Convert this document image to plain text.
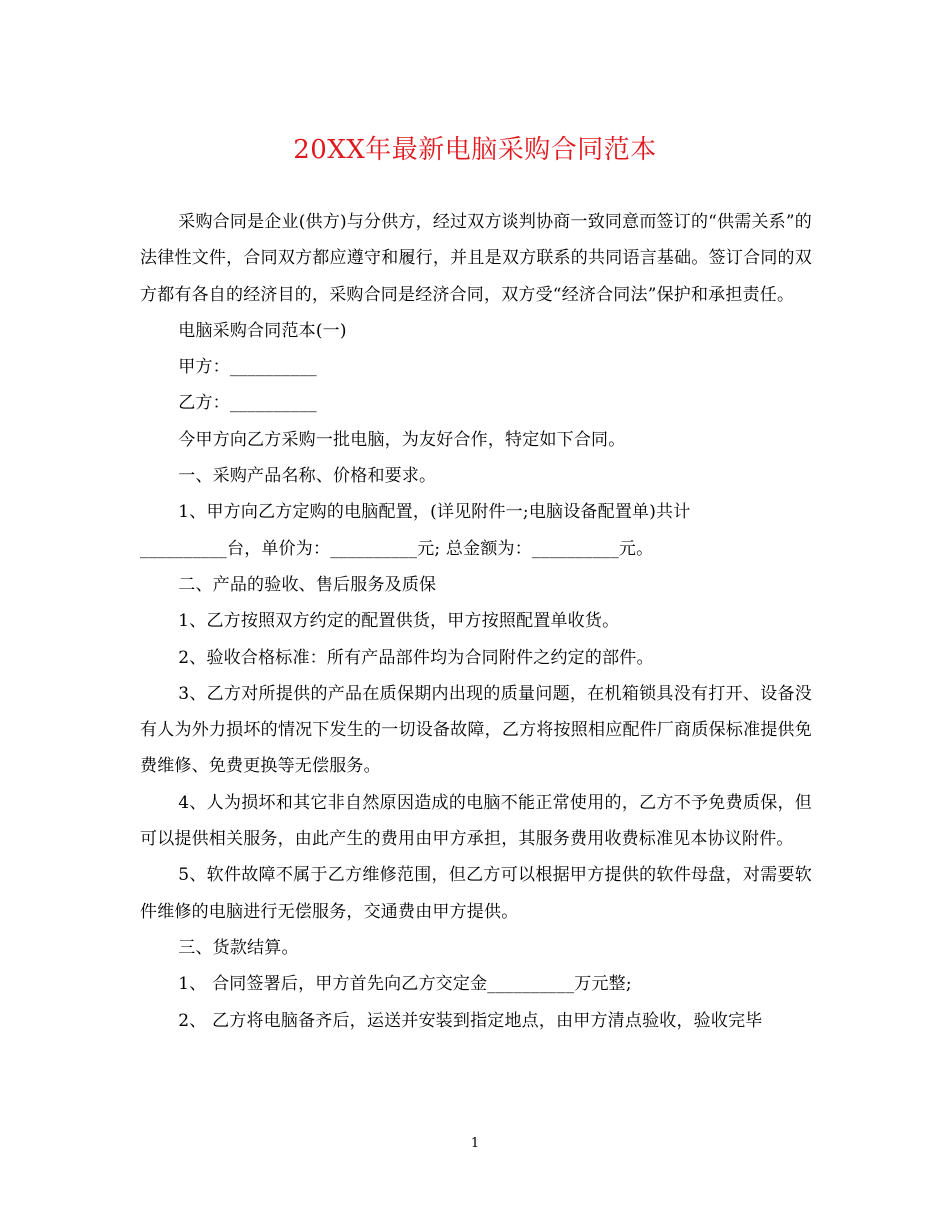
20XX年最新电脑采购合同范本

采购合同是企业(供方)与分供方，经过双方谈判协商一致同意而签订的“供需关系”的法律性文件，合同双方都应遵守和履行，并且是双方联系的共同语言基础。签订合同的双方都有各自的经济目的，采购合同是经济合同，双方受“经济合同法”保护和承担责任。

电脑采购合同范本(一)

甲方：__________

乙方：__________

今甲方向乙方采购一批电脑，为友好合作，特定如下合同。

一、采购产品名称、价格和要求。

1、甲方向乙方定购的电脑配置，(详见附件一;电脑设备配置单)共计

__________台，单价为：__________元; 总金额为：__________元。

二、产品的验收、售后服务及质保

1、乙方按照双方约定的配置供货，甲方按照配置单收货。

2、验收合格标准：所有产品部件均为合同附件之约定的部件。

3、乙方对所提供的产品在质保期内出现的质量问题，在机箱锁具没有打开、设备没有人为外力损坏的情况下发生的一切设备故障，乙方将按照相应配件厂商质保标准提供免费维修、免费更换等无偿服务。

4、人为损坏和其它非自然原因造成的电脑不能正常使用的，乙方不予免费质保，但可以提供相关服务，由此产生的费用由甲方承担，其服务费用收费标准见本协议附件。

5、软件故障不属于乙方维修范围，但乙方可以根据甲方提供的软件母盘，对需要软件维修的电脑进行无偿服务，交通费由甲方提供。

三、货款结算。

1、 合同签署后，甲方首先向乙方交定金__________万元整;

2、 乙方将电脑备齐后，运送并安装到指定地点，由甲方清点验收，验收完毕

1
